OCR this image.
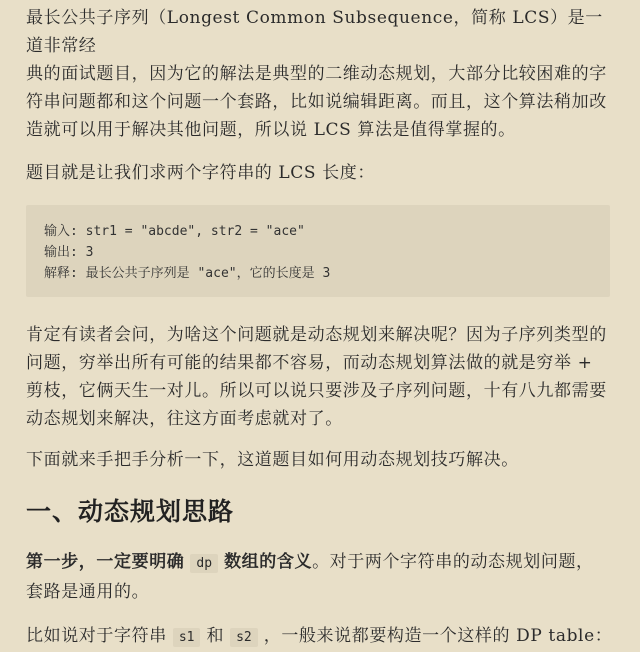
最长公共子序列（Longest Common Subsequence，简称 LCS）是一道非常经
典的面试题目，因为它的解法是典型的二维动态规划，大部分比较困难的字
符串问题都和这个问题一个套路，比如说编辑距离。而且，这个算法稍加改
造就可以用于解决其他问题，所以说 LCS 算法是值得掌握的。
题目就是让我们求两个字符串的 LCS 长度：
输入: str1 = "abcde", str2 = "ace"
输出: 3
解释: 最长公共子序列是 "ace"，它的长度是 3
肯定有读者会问，为啥这个问题就是动态规划来解决呢？因为子序列类型的
问题，穷举出所有可能的结果都不容易，而动态规划算法做的就是穷举 +
剪枝，它俩天生一对儿。所以可以说只要涉及子序列问题，十有八九都需要
动态规划来解决，往这方面考虑就对了。
下面就来手把手分析一下，这道题目如何用动态规划技巧解决。
一、动态规划思路
第一步，一定要明确 dp 数组的含义。对于两个字符串的动态规划问题，
套路是通用的。
比如说对于字符串 s1 和 s2 ，一般来说都要构造一个这样的 DP table：
